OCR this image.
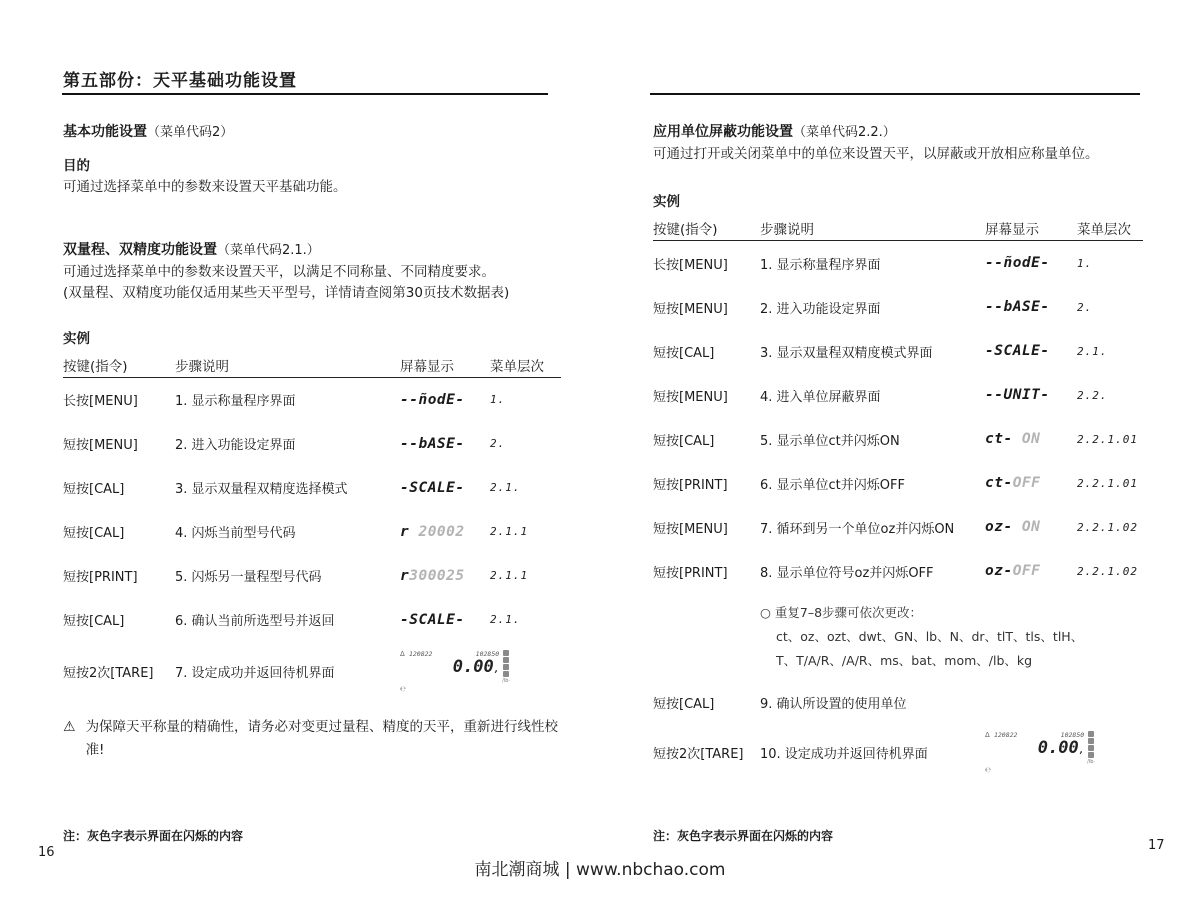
第五部份：天平基础功能设置
基本功能设置（菜单代码2）
目的
可通过选择菜单中的参数来设置天平基础功能。
双量程、双精度功能设置（菜单代码2.1.）
可通过选择菜单中的参数来设置天平，以满足不同称量、不同精度要求。
(双量程、双精度功能仅适用某些天平型号，详情请查阅第30页技术数据表)
实例
按键(指令)	步骤说明	屏幕显示	菜单层次
长按[MENU]	1. 显示称量程序界面	--ñodE-	1.
短按[MENU]	2. 进入功能设定界面	--bASE-	2.
短按[CAL]	3. 显示双量程双精度选择模式	-SCALE-	2.1.
短按[CAL]	4. 闪烁当前型号代码	r 20002	2.1.1
短按[PRINT]	5. 闪烁另一量程型号代码	r300025	2.1.1
短按[CAL]	6. 确认当前所选型号并返回	-SCALE-	2.1.
短按2次[TARE]	7. 设定成功并返回待机界面
Δ
℮
120822	102850
0.00 ,
/lb·
⚠ 为保障天平称量的精确性，请务必对变更过量程、精度的天平，重新进行线性校准!
注：灰色字表示界面在闪烁的内容
16
应用单位屏蔽功能设置（菜单代码2.2.）
可通过打开或关闭菜单中的单位来设置天平，以屏蔽或开放相应称量单位。
实例
按键(指令)	步骤说明	屏幕显示	菜单层次
长按[MENU]	1. 显示称量程序界面	--ñodE-	1.
短按[MENU]	2. 进入功能设定界面	--bASE-	2.
短按[CAL]	3. 显示双量程双精度模式界面	-SCALE-	2.1.
短按[MENU]	4. 进入单位屏蔽界面	--UNIT-	2.2.
短按[CAL]	5. 显示单位ct并闪烁ON	ct- ON	2.2.1.01
短按[PRINT]	6. 显示单位ct并闪烁OFF	ct-OFF	2.2.1.01
短按[MENU]	7. 循环到另一个单位oz并闪烁ON	oz- ON	2.2.1.02
短按[PRINT]	8. 显示单位符号oz并闪烁OFF	oz-OFF	2.2.1.02
○ 重复7–8步骤可依次更改：
ct、oz、ozt、dwt、GN、lb、N、dr、tlT、tls、tlH、
T、T/A/R、/A/R、ms、bat、mom、/lb、kg
短按[CAL]	9. 确认所设置的使用单位
短按2次[TARE]	10. 设定成功并返回待机界面
Δ
℮
120822	102850
0.00 ,
/lb·
注：灰色字表示界面在闪烁的内容
17
南北潮商城 | www.nbchao.com
